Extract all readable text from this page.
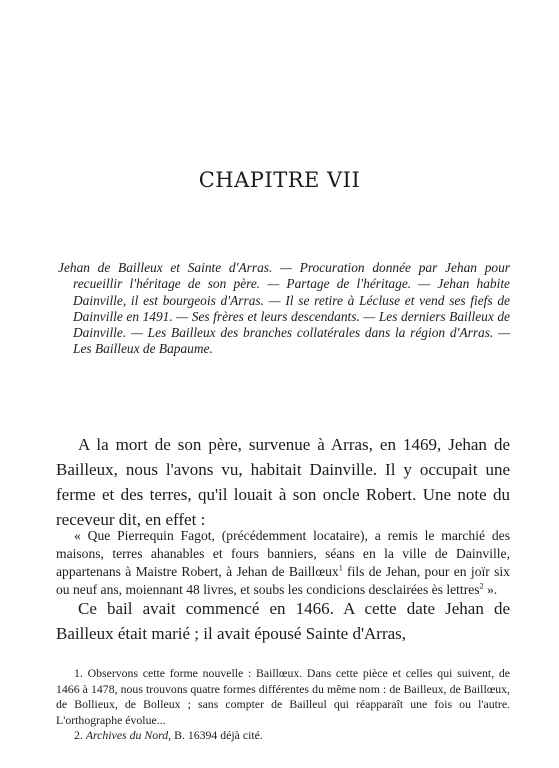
CHAPITRE VII

Jehan de Bailleux et Sainte d'Arras. — Procuration donnée par Jehan pour recueillir l'héritage de son père. — Partage de l'héritage. — Jehan habite Dainville, il est bourgeois d'Arras. — Il se retire à Lécluse et vend ses fiefs de Dainville en 1491. — Ses frères et leurs descendants. — Les derniers Bailleux de Dainville. — Les Bailleux des branches collatérales dans la région d'Arras. — Les Bailleux de Bapaume.

A la mort de son père, survenue à Arras, en 1469, Jehan de Bailleux, nous l'avons vu, habitait Dainville. Il y occupait une ferme et des terres, qu'il louait à son oncle Robert. Une note du receveur dit, en effet :

« Que Pierrequin Fagot, (précédemment locataire), a remis le marchié des maisons, terres ahanables et fours banniers, séans en la ville de Dainville, appartenans à Maistre Robert, à Jehan de Baillœux$^1$ fils de Jehan, pour en joïr six ou neuf ans, moiennant 48 livres, et soubs les condicions desclairées ès lettres$^2$ ».

Ce bail avait commencé en 1466. A cette date Jehan de Bailleux était marié ; il avait épousé Sainte d'Arras,

1. Observons cette forme nouvelle : Baillœux. Dans cette pièce et celles qui suivent, de 1466 à 1478, nous trouvons quatre formes différentes du même nom : de Bailleux, de Baillœux, de Bollieux, de Bolleux ; sans compter de Bailleul qui réapparaît une fois ou l'autre. L'orthographe évolue...

2. Archives du Nord, B. 16394 déjà cité.
